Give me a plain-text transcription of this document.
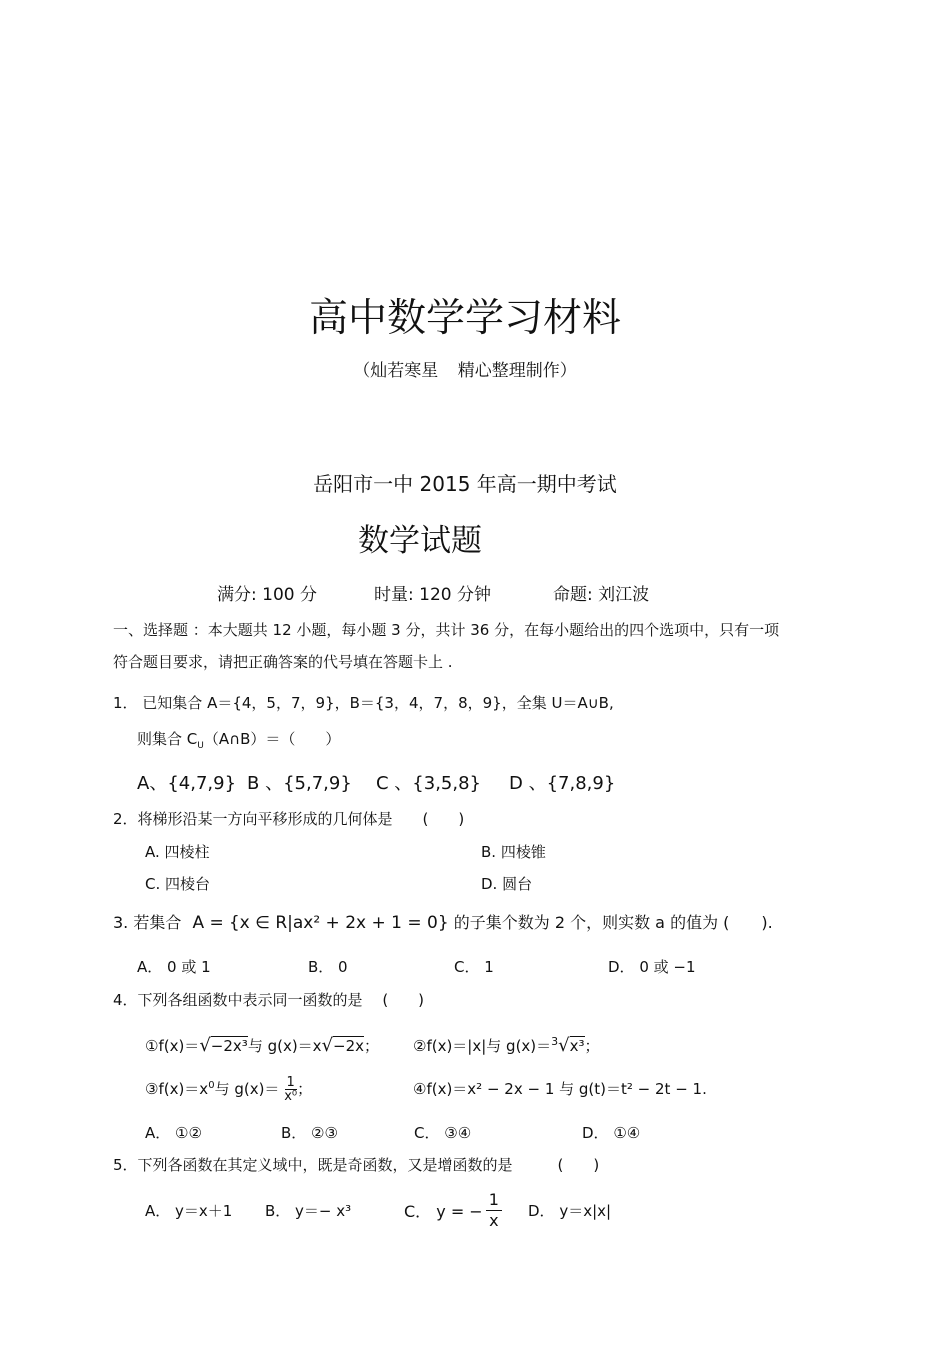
高中数学学习材料
（灿若寒星 精心整理制作）
岳阳市一中 2015 年高一期中考试
数学试题
满分: 100 分	时量: 120 分钟	命题: 刘江波
一、选择题 ：本大题共 12 小题，每小题 3 分，共计 36 分，在每小题给出的四个选项中，只有一项
符合题目要求，请把正确答案的代号填在答题卡上 .
1． 已知集合 A＝{4，5，7，9}，B＝{3，4，7，8，9}，全集 U＝A∪B,
则集合 $C_U(A\cap B)=$（　　）
A、{4,7,9} B 、{5,7,9} C 、{3,5,8} D 、{7,8,9}
2．将梯形沿某一方向平移形成的几何体是　　(　　)
A. 四棱柱	B. 四棱锥
C. 四棱台	D. 圆台
3. 若集合 A = {x ∈ R|ax² + 2x + 1 = 0} 的子集个数为 2 个，则实数 a 的值为 (　　).
A． 0 或 1	B． 0	C． 1	D． 0 或 −1
4．下列各组函数中表示同一函数的是　 (　　)
①f(x)＝√−2x³与 g(x)＝x√−2x； ②f(x)＝|x|与 g(x)＝$^3$√x³；
$③f(x)=x^0$与 $g(x)= \frac{1}{\text{x⁰}}$ ；	④f(x)＝x² − 2x − 1 与 g(t)＝t² − 2t − 1.
A． ①②	B． ②③	C． ③④	D． ①④
5．下列各函数在其定义域中，既是奇函数，又是增函数的是　　　(　　)
A． y＝x＋1 B． y＝− x³	C． y = − $\frac{1}{x}$ D． y＝x|x|
